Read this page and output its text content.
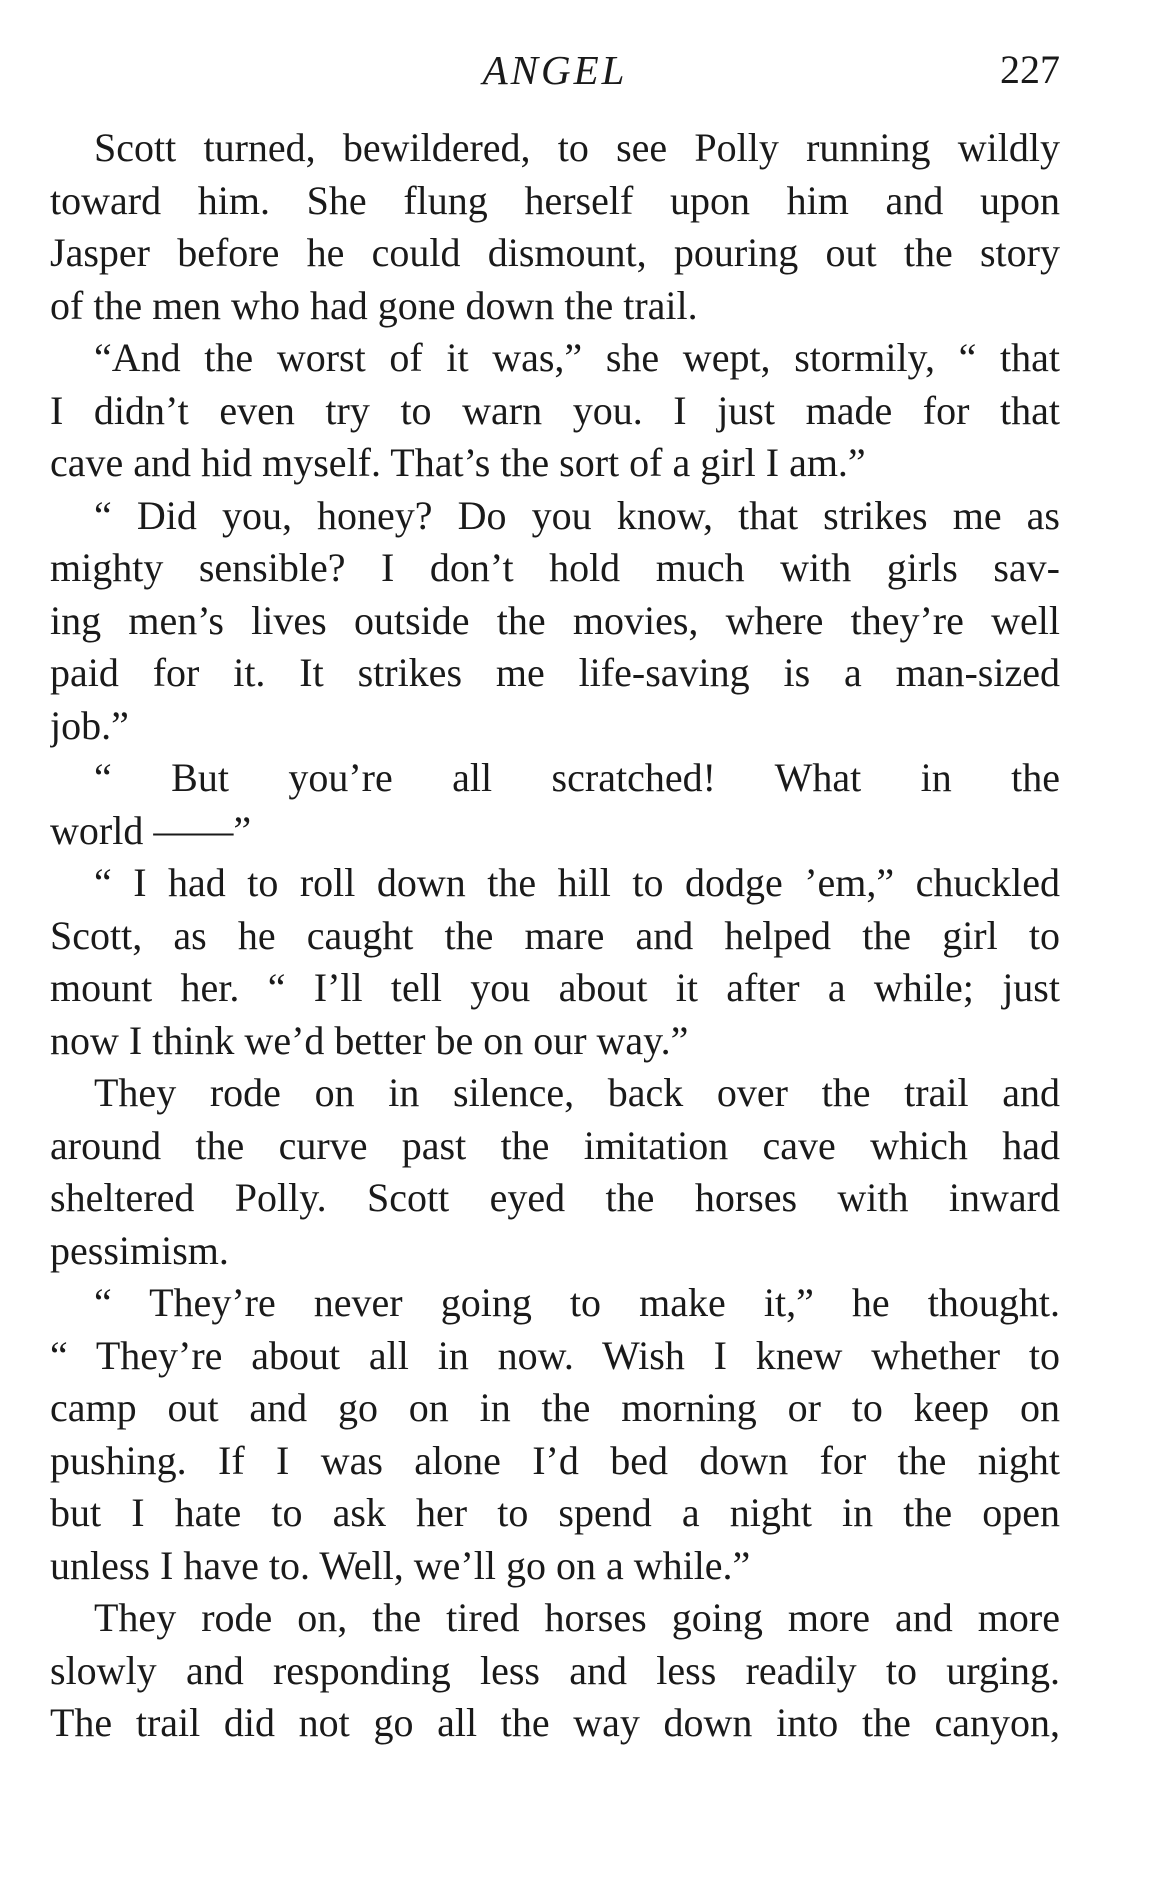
ANGEL	227
Scott turned, bewildered, to see Polly running wildly
toward him. She flung herself upon him and upon
Jasper before he could dismount, pouring out the story
of the men who had gone down the trail.
“And the worst of it was,” she wept, stormily, “ that
I didn’t even try to warn you. I just made for that
cave and hid myself. That’s the sort of a girl I am.”
“ Did you, honey? Do you know, that strikes me as
mighty sensible? I don’t hold much with girls sav-
ing men’s lives outside the movies, where they’re well
paid for it. It strikes me life-saving is a man-sized
job.”
“ But you’re all scratched! What in the
world ——”
“ I had to roll down the hill to dodge ’em,” chuckled
Scott, as he caught the mare and helped the girl to
mount her. “ I’ll tell you about it after a while; just
now I think we’d better be on our way.”
They rode on in silence, back over the trail and
around the curve past the imitation cave which had
sheltered Polly. Scott eyed the horses with inward
pessimism.
“ They’re never going to make it,” he thought.
“ They’re about all in now. Wish I knew whether to
camp out and go on in the morning or to keep on
pushing. If I was alone I’d bed down for the night
but I hate to ask her to spend a night in the open
unless I have to. Well, we’ll go on a while.”
They rode on, the tired horses going more and more
slowly and responding less and less readily to urging.
The trail did not go all the way down into the canyon,
